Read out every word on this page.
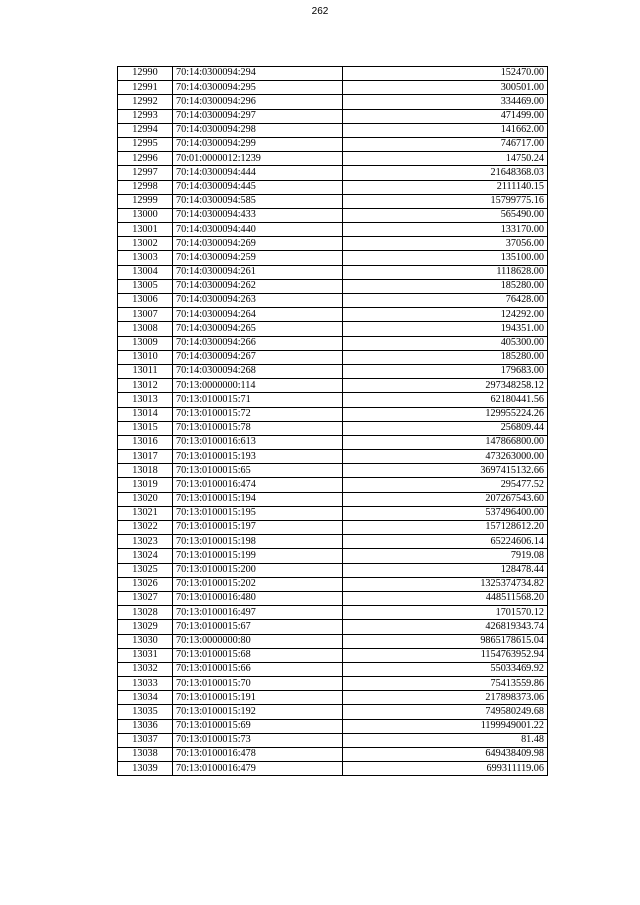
262
12990	70:14:0300094:294	152470.00
12991	70:14:0300094:295	300501.00
12992	70:14:0300094:296	334469.00
12993	70:14:0300094:297	471499.00
12994	70:14:0300094:298	141662.00
12995	70:14:0300094:299	746717.00
12996	70:01:0000012:1239	14750.24
12997	70:14:0300094:444	21648368.03
12998	70:14:0300094:445	2111140.15
12999	70:14:0300094:585	15799775.16
13000	70:14:0300094:433	565490.00
13001	70:14:0300094:440	133170.00
13002	70:14:0300094:269	37056.00
13003	70:14:0300094:259	135100.00
13004	70:14:0300094:261	1118628.00
13005	70:14:0300094:262	185280.00
13006	70:14:0300094:263	76428.00
13007	70:14:0300094:264	124292.00
13008	70:14:0300094:265	194351.00
13009	70:14:0300094:266	405300.00
13010	70:14:0300094:267	185280.00
13011	70:14:0300094:268	179683.00
13012	70:13:0000000:114	297348258.12
13013	70:13:0100015:71	62180441.56
13014	70:13:0100015:72	129955224.26
13015	70:13:0100015:78	256809.44
13016	70:13:0100016:613	147866800.00
13017	70:13:0100015:193	473263000.00
13018	70:13:0100015:65	3697415132.66
13019	70:13:0100016:474	295477.52
13020	70:13:0100015:194	207267543.60
13021	70:13:0100015:195	537496400.00
13022	70:13:0100015:197	157128612.20
13023	70:13:0100015:198	65224606.14
13024	70:13:0100015:199	7919.08
13025	70:13:0100015:200	128478.44
13026	70:13:0100015:202	1325374734.82
13027	70:13:0100016:480	448511568.20
13028	70:13:0100016:497	1701570.12
13029	70:13:0100015:67	426819343.74
13030	70:13:0000000:80	9865178615.04
13031	70:13:0100015:68	1154763952.94
13032	70:13:0100015:66	55033469.92
13033	70:13:0100015:70	75413559.86
13034	70:13:0100015:191	217898373.06
13035	70:13:0100015:192	749580249.68
13036	70:13:0100015:69	1199949001.22
13037	70:13:0100015:73	81.48
13038	70:13:0100016:478	649438409.98
13039	70:13:0100016:479	699311119.06
